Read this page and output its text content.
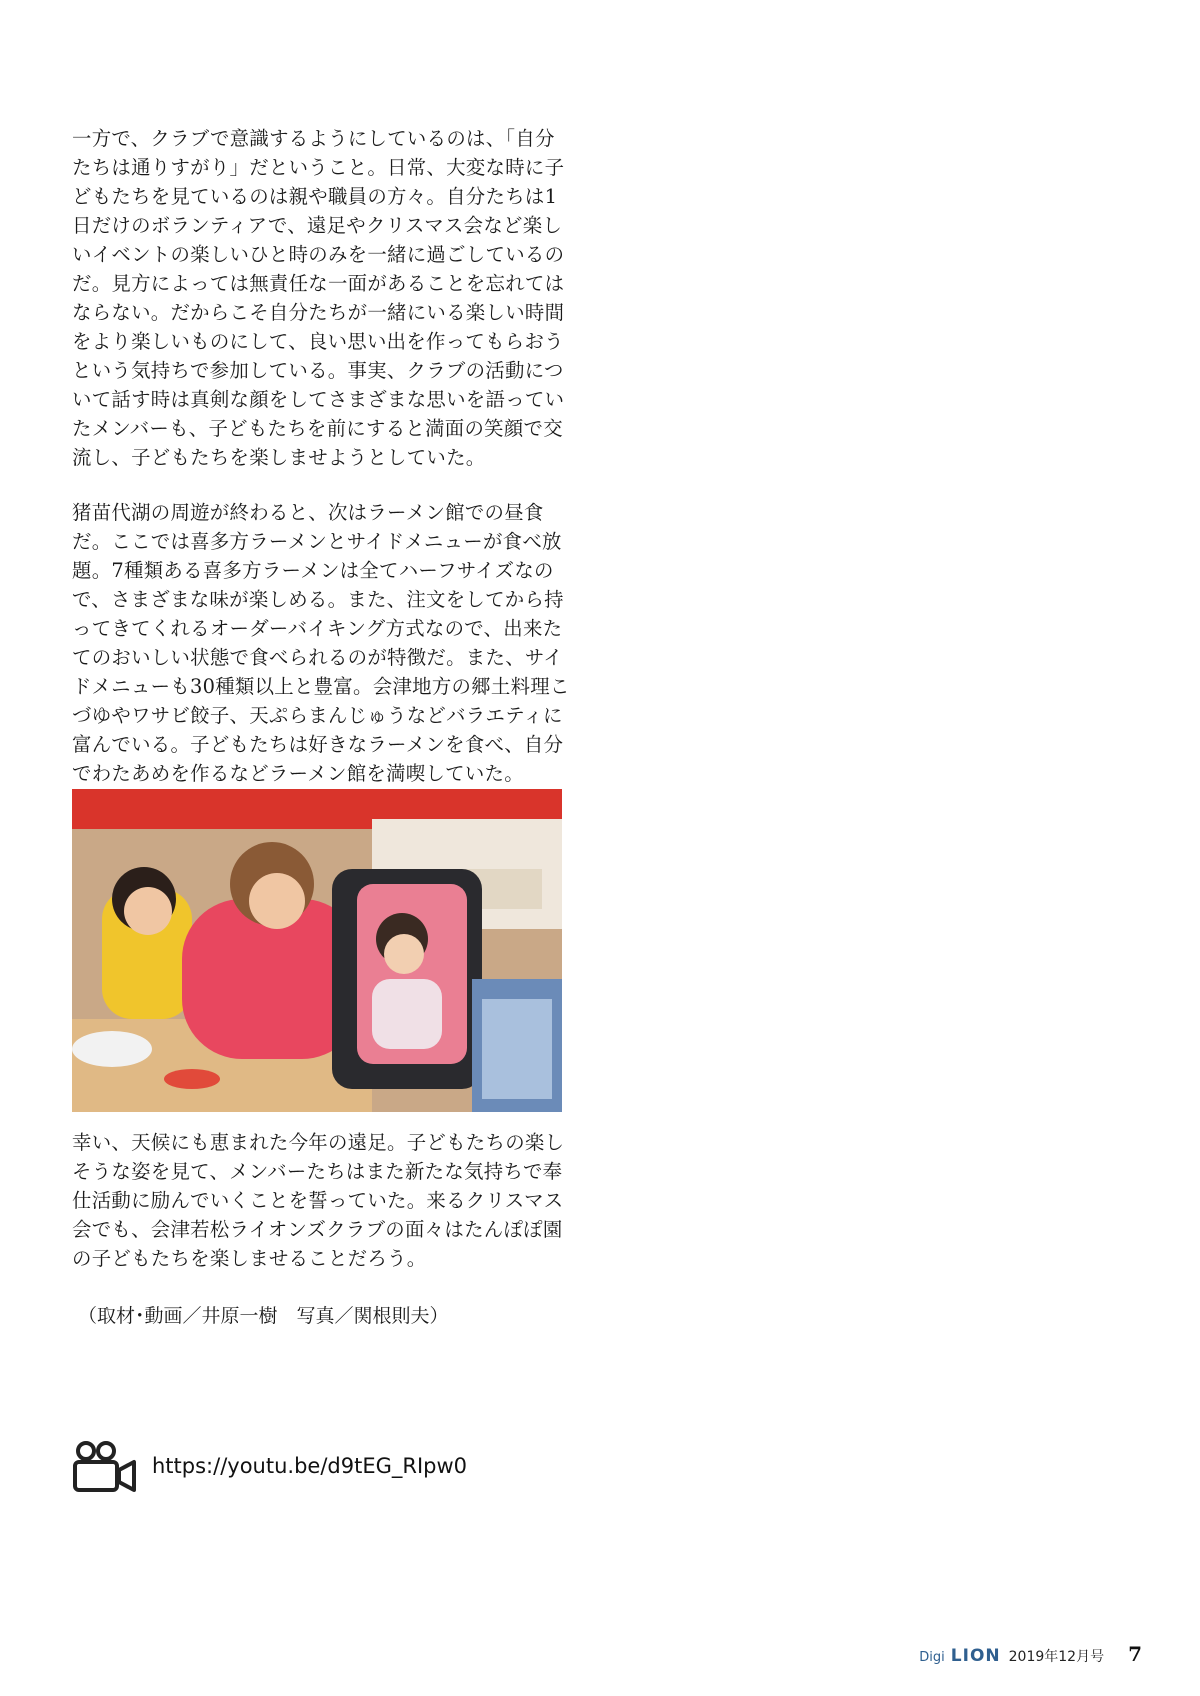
一方で、クラブで意識するようにしているのは、「自分たちは通りすがり」だということ。日常、大変な時に子どもたちを見ているのは親や職員の方々。自分たちは1日だけのボランティアで、遠足やクリスマス会など楽しいイベントの楽しいひと時のみを一緒に過ごしているのだ。見方によっては無責任な一面があることを忘れてはならない。だからこそ自分たちが一緒にいる楽しい時間をより楽しいものにして、良い思い出を作ってもらおうという気持ちで参加している。事実、クラブの活動について話す時は真剣な顔をしてさまざまな思いを語っていたメンバーも、子どもたちを前にすると満面の笑顔で交流し、子どもたちを楽しませようとしていた。

猪苗代湖の周遊が終わると、次はラーメン館での昼食だ。ここでは喜多方ラーメンとサイドメニューが食べ放題。7種類ある喜多方ラーメンは全てハーフサイズなので、さまざまな味が楽しめる。また、注文をしてから持ってきてくれるオーダーバイキング方式なので、出来たてのおいしい状態で食べられるのが特徴だ。また、サイドメニューも30種類以上と豊富。会津地方の郷土料理こづゆやワサビ餃子、天ぷらまんじゅうなどバラエティに富んでいる。子どもたちは好きなラーメンを食べ、自分でわたあめを作るなどラーメン館を満喫していた。

幸い、天候にも恵まれた今年の遠足。子どもたちの楽しそうな姿を見て、メンバーたちはまた新たな気持ちで奉仕活動に励んでいくことを誓っていた。来るクリスマス会でも、会津若松ライオンズクラブの面々はたんぽぽ園の子どもたちを楽しませることだろう。

（取材･動画／井原一樹　写真／関根則夫）

https://youtu.be/d9tEG_RIpw0
Digi LION 2019年12月号 7
